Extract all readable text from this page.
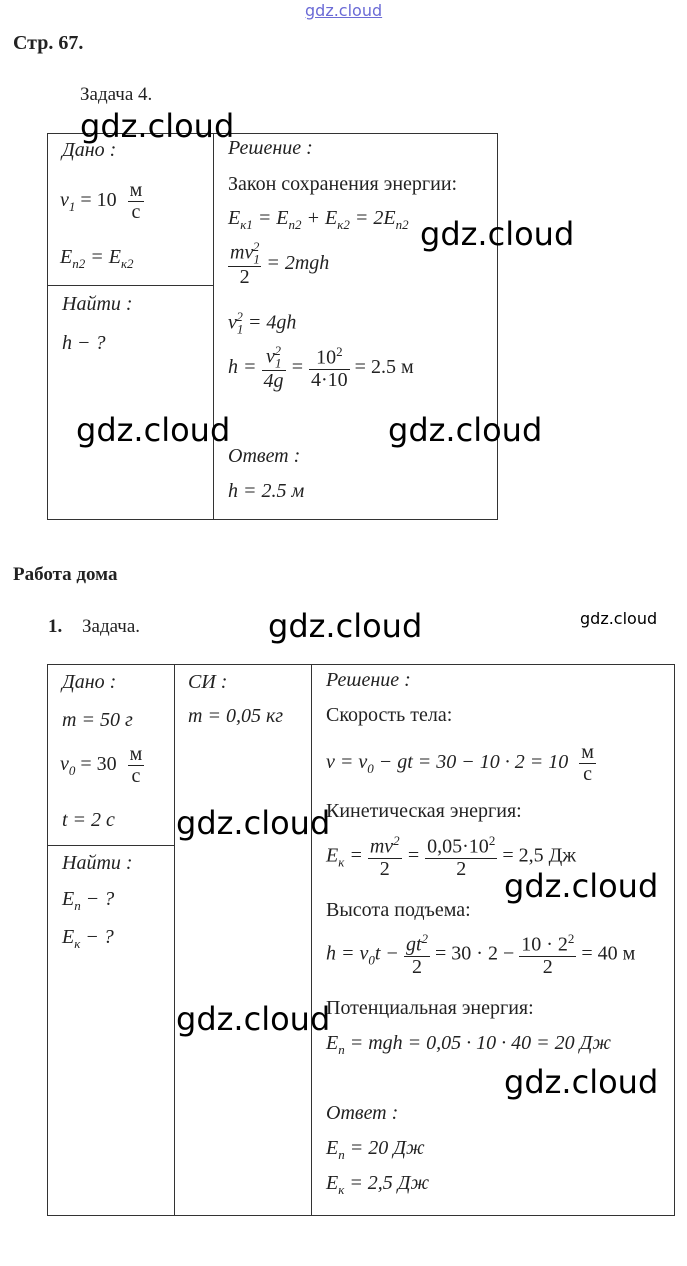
gdz.cloud
Стр. 67.
Задача 4.
Дано :
$v_1 = 10 \frac{м}{с}$
$E_{п2} = E_{к2}$
Найти :
h − ?
Решение :
Закон сохранения энергии:
$E_{к1} = E_{п2} + E_{к2} = 2E_{п2}$
$\frac{mv_1^2}{2} = 2mgh$
$v_1^2 = 4gh$
$h = \frac{v_1^2}{4g} = \frac{10^2}{4\cdot 10} = 2.5$ м
Ответ :
h = 2.5 м
Работа дома
1. Задача.
Дано :
m = 50 г
$v_0 = 30 \frac{м}{с}$
t = 2 с
Найти :
$E_п$ − ?
$E_к$ − ?
СИ :
m = 0,05 кг
Решение :
Скорость тела:
$v = v_0$ − gt = $30 - 10 \cdot 2 = 10 \frac{м}{с}$
Кинетическая энергия:
$E_к = \frac{mv^2}{2} = \frac{0,05\cdot 10^2}{2} = 2,5$ Дж
Высота подъема:
$h = v_0t - \frac{gt^2}{2} = 30 \cdot 2 - \frac{10 \cdot 2^2}{2} = 40$ м
Потенциальная энергия:
$E_п$ = mgh = 0,05 · 10 · 40 = 20 Дж
Ответ :
$E_п = 20$ Дж
$E_к = 2,5$ Дж
gdz.cloud
gdz.cloud
gdz.cloud	gdz.cloud
gdz.cloud	gdz.cloud
gdz.cloud
gdz.cloud
gdz.cloud
gdz.cloud
